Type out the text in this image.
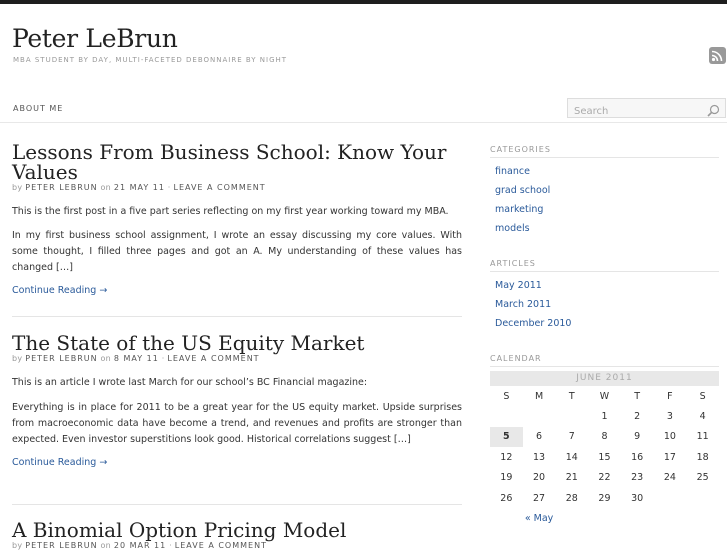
Peter LeBrun
MBA STUDENT BY DAY, MULTI-FACETED DEBONNAIRE BY NIGHT
ABOUT ME
Search
Lessons From Business School: Know Your Values
by PETER LEBRUN on 21 MAY 11 · LEAVE A COMMENT

This is the first post in a five part series reflecting on my first year working toward my MBA.

In my first business school assignment, I wrote an essay discussing my core values. With some thought, I filled three pages and got an A. My understanding of these values has changed […]

Continue Reading →
The State of the US Equity Market
by PETER LEBRUN on 8 MAY 11 · LEAVE A COMMENT

This is an article I wrote last March for our school’s BC Financial magazine:

Everything is in place for 2011 to be a great year for the US equity market. Upside surprises from macroeconomic data have become a trend, and revenues and profits are stronger than expected. Even investor superstitions look good. Historical correlations suggest […]

Continue Reading →
A Binomial Option Pricing Model
by PETER LEBRUN on 20 MAR 11 · LEAVE A COMMENT
CATEGORIES
finance
grad school
marketing
models
ARTICLES
May 2011
March 2011
December 2010
CALENDAR
JUNE 2011
S	M	T	W	T	F	S
			1	2	3	4
5	6	7	8	9	10	11
12	13	14	15	16	17	18
19	20	21	22	23	24	25
26	27	28	29	30		
« May						
